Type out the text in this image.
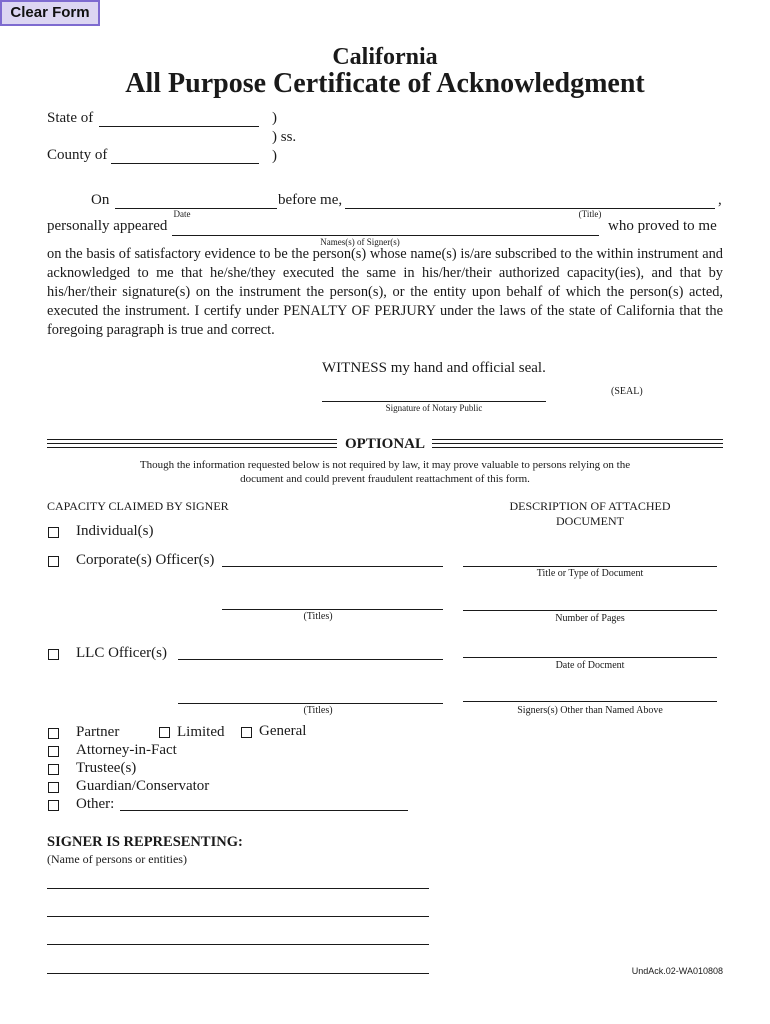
Clear Form
California
All Purpose Certificate of Acknowledgment
State of	)
) ss.
County of	)
On	before me,	,
Date	(Title)
personally appeared	who proved to me
Names(s) of Signer(s)
on the basis of satisfactory evidence to be the person(s) whose name(s) is/are subscribed to the within instrument and acknowledged to me that he/she/they executed the same in his/her/their authorized capacity(ies), and that by his/her/their signature(s) on the instrument the person(s), or the entity upon behalf of which the person(s) acted, executed the instrument. I certify under PENALTY OF PERJURY under the laws of the state of California that the foregoing paragraph is true and correct.
WITNESS my hand and official seal.
(SEAL)
Signature of Notary Public
OPTIONAL
Though the information requested below is not required by law, it may prove valuable to persons relying on the
document and could prevent fraudulent reattachment of this form.
CAPACITY CLAIMED BY SIGNER
Individual(s)
Corporate(s) Officer(s)
(Titles)
LLC Officer(s)
(Titles)
Partner	Limited General
Attorney-in-Fact
Trustee(s)
Guardian/Conservator
Other:
DESCRIPTION OF ATTACHED
DOCUMENT
Title or Type of Document
Number of Pages
Date of Docment
Signers(s) Other than Named Above
SIGNER IS REPRESENTING:
(Name of persons or entities)
UndAck.02-WA010808
